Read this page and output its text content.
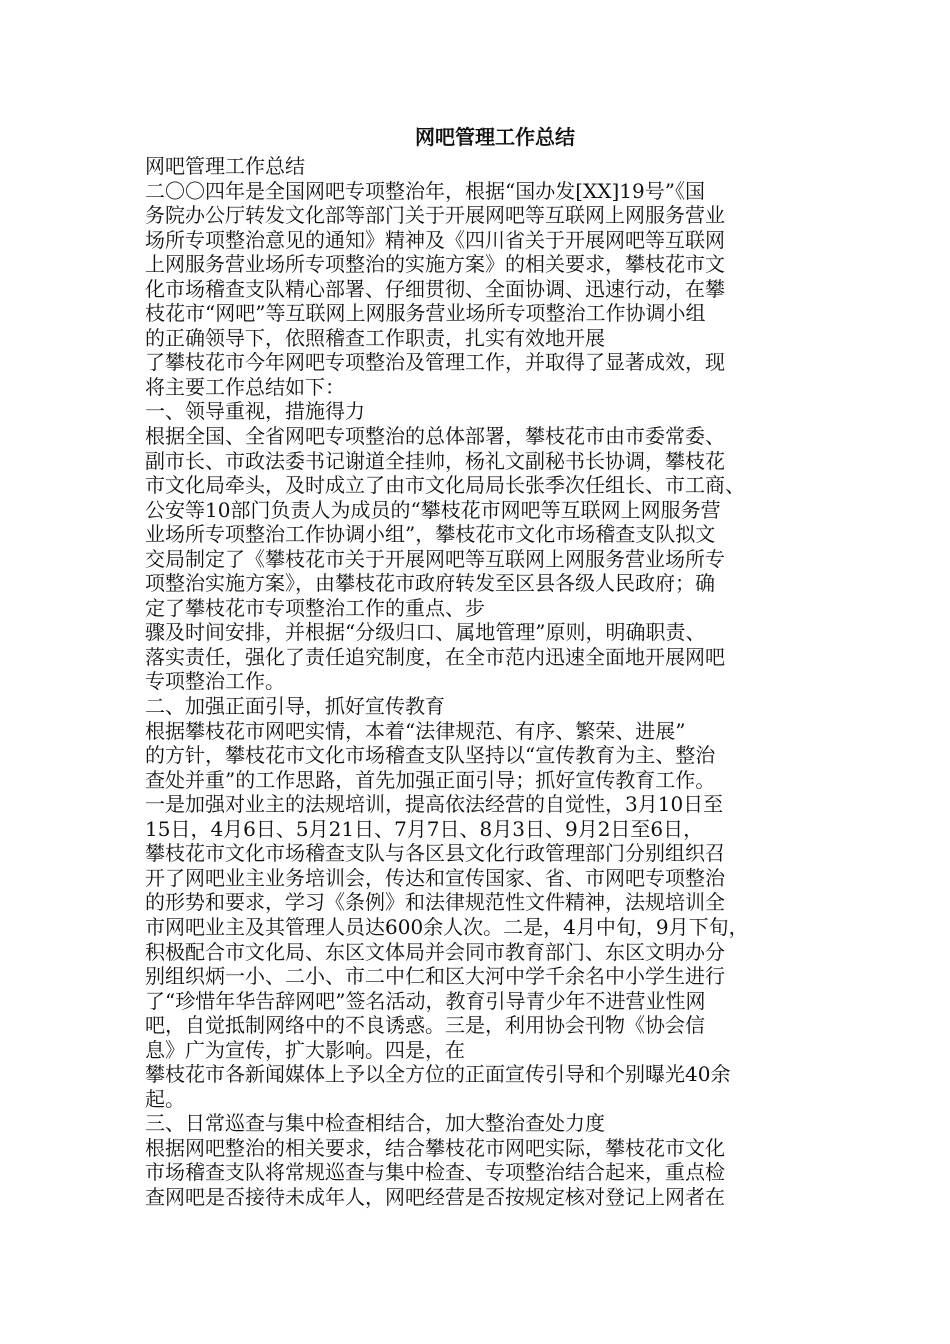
网吧管理工作总结
网吧管理工作总结
二〇〇四年是全国网吧专项整治年，根据“国办发[XX]19号”《国
务院办公厅转发文化部等部门关于开展网吧等互联网上网服务营业
场所专项整治意见的通知》精神及《四川省关于开展网吧等互联网
上网服务营业场所专项整治的实施方案》的相关要求，攀枝花市文
化市场稽查支队精心部署、仔细贯彻、全面协调、迅速行动，在攀
枝花市“网吧”等互联网上网服务营业场所专项整治工作协调小组
的正确领导下，依照稽查工作职责，扎实有效地开展
了攀枝花市今年网吧专项整治及管理工作，并取得了显著成效，现
将主要工作总结如下：
一、领导重视，措施得力
根据全国、全省网吧专项整治的总体部署，攀枝花市由市委常委、
副市长、市政法委书记谢道全挂帅，杨礼文副秘书长协调，攀枝花
市文化局牵头，及时成立了由市文化局局长张季次任组长、市工商、
公安等10部门负责人为成员的“攀枝花市网吧等互联网上网服务营
业场所专项整治工作协调小组”，攀枝花市文化市场稽查支队拟文
交局制定了《攀枝花市关于开展网吧等互联网上网服务营业场所专
项整治实施方案》，由攀枝花市政府转发至区县各级人民政府；确
定了攀枝花市专项整治工作的重点、步
骤及时间安排，并根据“分级归口、属地管理”原则，明确职责、
落实责任，强化了责任追究制度，在全市范内迅速全面地开展网吧
专项整治工作。
二、加强正面引导，抓好宣传教育
根据攀枝花市网吧实情，本着“法律规范、有序、繁荣、进展”
的方针，攀枝花市文化市场稽查支队坚持以“宣传教育为主、整治
查处并重”的工作思路，首先加强正面引导；抓好宣传教育工作。
一是加强对业主的法规培训，提高依法经营的自觉性，3月10日至
15日，4月6日、5月21日、7月7日、8月3日、9月2日至6日，
攀枝花市文化市场稽查支队与各区县文化行政管理部门分别组织召
开了网吧业主业务培训会，传达和宣传国家、省、市网吧专项整治
的形势和要求，学习《条例》和法律规范性文件精神，法规培训全
市网吧业主及其管理人员达600余人次。二是，4月中旬，9月下旬，
积极配合市文化局、东区文体局并会同市教育部门、东区文明办分
别组织炳一小、二小、市二中仁和区大河中学千余名中小学生进行
了“珍惜年华告辞网吧”签名活动，教育引导青少年不进营业性网
吧，自觉抵制网络中的不良诱惑。三是，利用协会刊物《协会信
息》广为宣传，扩大影响。四是，在
攀枝花市各新闻媒体上予以全方位的正面宣传引导和个别曝光40余
起。
三、日常巡查与集中检查相结合，加大整治查处力度
根据网吧整治的相关要求，结合攀枝花市网吧实际，攀枝花市文化
市场稽查支队将常规巡查与集中检查、专项整治结合起来，重点检
查网吧是否接待未成年人，网吧经营是否按规定核对登记上网者在
